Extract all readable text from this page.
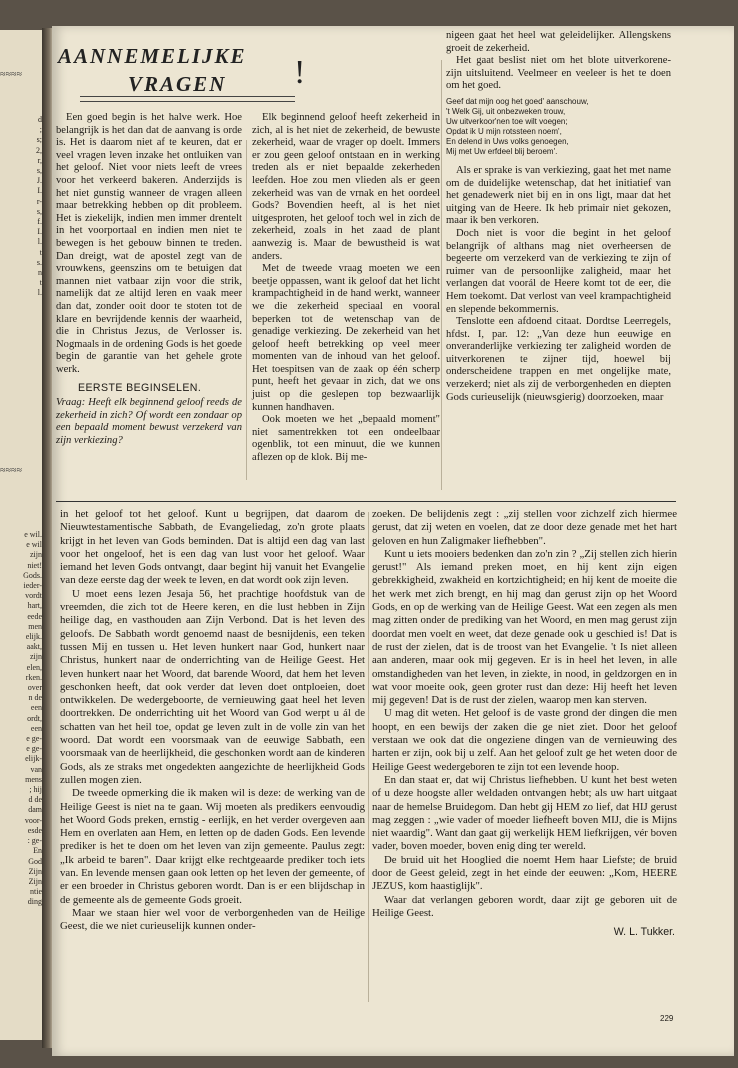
≈≈≈≈
d
;
s;
2,
r,
s,
J.
I.
r-
s,
f.
I.
l.
t
s.
n
t
l.
≈≈≈≈
e wil.
e wil
zijn
niet!
Gods.
ieder-
vordt
hart,
eede
men
elijk.
aakt,
zijn
elen,
rken.
over
n de
een
ordt,
een
e ge-
e ge-
elijk-
van
mens
; hij
d de
dam
voor-
esde
: ge-
En
God
Zijn
Zijn
ntie
ding
AANNEMELIJKE
VRAGEN !

Een goed begin is het halve werk. Hoe belangrijk is het dan dat de aanvang is orde is. Het is daarom niet af te keuren, dat er veel vragen leven inzake het ontluiken van het geloof. Niet voor niets leeft de vrees voor het verkeerd bakeren. Anderzijds is het niet gunstig wanneer de vragen alleen maar betrekking hebben op dit probleem. Het is ziekelijk, indien men immer drentelt in het voorportaal en indien men niet te bewegen is het gebouw binnen te treden. Dan dreigt, wat de apostel zegt van de vrouwkens, geenszins om te betuigen dat mannen niet vatbaar zijn voor die strik, namelijk dat ze altijd leren en vaak meer dan dat, zonder ooit door te stoten tot de klare en bevrijdende kennis der waarheid, die in Christus Jezus, de Verlosser is. Nogmaals in de ordening Gods is het goede begin de garantie van het gehele grote werk.

EERSTE BEGINSELEN.

Vraag: Heeft elk beginnend geloof reeds de zekerheid in zich? Of wordt een zondaar op een bepaald moment bewust verzekerd van zijn verkiezing?

Elk beginnend geloof heeft zekerheid in zich, al is het niet de zekerheid, de bewuste zekerheid, waar de vrager op doelt. Immers er zou geen geloof ontstaan en in werking treden als er niet bepaalde zekerheden leefden. Hoe zou men vlieden als er geen zekerheid was van de vrnak en het oordeel Gods? Bovendien heeft, al is het niet uitgesproten, het geloof toch wel in zich de zekerheid, zoals in het zaad de plant aanwezig is. Maar de bewustheid is wat anders.

Met de tweede vraag moeten we een beetje oppassen, want ik geloof dat het licht krampachtigheid in de hand werkt, wanneer we die zekerheid speciaal en vooral beperken tot de wetenschap van de genadige verkiezing. De zekerheid van het geloof heeft betrekking op veel meer momenten van de inhoud van het geloof. Het toespitsen van de zaak op één scherp punt, heeft het gevaar in zich, dat we ons juist op die geslepen top bezwaarlijk kunnen handhaven.

Ook moeten we het „bepaald moment" niet samentrekken tot een ondeelbaar ogenblik, tot een minuut, die we kunnen aflezen op de klok. Bij me-

nigeen gaat het heel wat geleidelijker. Allengskens groeit de zekerheid.

Het gaat beslist niet om het blote uitverkorene-zijn uitsluitend. Veelmeer en veeleer is het te doen om het goed.

Geef dat mijn oog het goed' aanschouw,
't Welk Gij, uit onbezweken trouw,
Uw uitverkoor'nen toe wilt voegen;
Opdat ik U mijn rotssteen noem',
En delend in Uws volks genoegen,
Mij met Uw erfdeel blij beroem'.

Als er sprake is van verkiezing, gaat het met name om de duidelijke wetenschap, dat het initiatief van het genadewerk niet bij en in ons ligt, maar dat het uitging van de Heere. Ik heb primair niet gekozen, maar ik ben verkoren.

Doch niet is voor die begint in het geloof belangrijk of althans mag niet overheersen de begeerte om verzekerd van de verkiezing te zijn of ruimer van de persoonlijke zaligheid, maar het verlangen dat voorál de Heere komt tot de eer, die Hem toekomt. Dat verlost van veel krampachtigheid en slepende bekommernis.

Tenslotte een afdoend citaat. Dordtse Leerregels, hfdst. I, par. 12: „Van deze hun eeuwige en onveranderlijke verkiezing ter zaligheid worden de uitverkorenen te zijner tijd, hoewel bij onderscheidene trappen en met ongelijke mate, verzekerd; niet als zij de verborgenheden en diepten Gods curieuselijk (nieuwsgierig) doorzoeken, maar

in het geloof tot het geloof. Kunt u begrijpen, dat daarom de Nieuwtestamentische Sabbath, de Evangeliedag, zo'n grote plaats krijgt in het leven van Gods beminden. Dat is altijd een dag van last voor het ongeloof, het is een dag van lust voor het geloof. Waar iemand het leven Gods ontvangt, daar begint hij vanuit het Evangelie van deze eerste dag der week te leven, en dat wordt ook zijn leven.

U moet eens lezen Jesaja 56, het prachtige hoofdstuk van de vreemden, die zich tot de Heere keren, en die lust hebben in Zijn heilige dag, en vasthouden aan Zijn Verbond. Dat is het leven des geloofs. De Sabbath wordt genoemd naast de besnijdenis, een teken tussen Mij en tussen u. Het leven hunkert naar God, hunkert naar Christus, hunkert naar de onderrichting van de Heilige Geest. Het leven hunkert naar het Woord, dat barende Woord, dat hem het leven geschonken heeft, dat ook verder dat leven doet ontploeien, doet ontwikkelen. De wedergeboorte, de vernieuwing gaat heel het leven doortrekken. De onderrichting uit het Woord van God werpt u ál de schatten van het heil toe, opdat ge leven zult in de volle zin van het woord. Dat wordt een voorsmaak van de eeuwige Sabbath, een voorsmaak van de heerlijkheid, die geschonken wordt aan de kinderen Gods, als ze straks met ongedekten aangezichte de heerlijkheid Gods zullen mogen zien.

De tweede opmerking die ik maken wil is deze: de werking van de Heilige Geest is niet na te gaan. Wij moeten als predikers eenvoudig het Woord Gods preken, ernstig - eerlijk, en het verder overgeven aan Hem en overlaten aan Hem, en letten op de daden Gods. Een levende prediker is het te doen om het leven van zijn gemeente. Paulus zegt: „Ik arbeid te baren". Daar krijgt elke rechtgeaarde prediker toch iets van. En levende mensen gaan ook letten op het leven der gemeente, of er een broeder in Christus geboren wordt. Dan is er een blijdschap in de gemeente als de gemeente Gods groeit.

Maar we staan hier wel voor de verborgenheden van de Heilige Geest, die we niet curieuselijk kunnen onder-

zoeken. De belijdenis zegt : „zij stellen voor zichzelf zich hiermee gerust, dat zij weten en voelen, dat ze door deze genade met het hart geloven en hun Zaligmaker liefhebben".

Kunt u iets mooiers bedenken dan zo'n zin ? „Zij stellen zich hierin gerust!" Als iemand preken moet, en hij kent zijn eigen gebrekkigheid, zwakheid en kortzichtigheid; en hij kent de moeite die het werk met zich brengt, en hij mag dan gerust zijn op het Woord Gods, en op de werking van de Heilige Geest. Wat een zegen als men mag zitten onder de prediking van het Woord, en men mag gerust zijn doordat men voelt en weet, dat deze genade ook u geschied is! Dat is de rust der zielen, dat is de troost van het Evangelie. 't Is niet alleen aan anderen, maar ook mij gegeven. Er is in heel het leven, in alle omstandigheden van het leven, in ziekte, in nood, in geldzorgen en in wat voor moeite ook, geen groter rust dan deze: Hij heeft het leven mij gegeven! Dat is de rust der zielen, waarop men kan sterven.

U mag dit weten. Het geloof is de vaste grond der dingen die men hoopt, en een bewijs der zaken die ge niet ziet. Door het geloof verstaan we ook dat die ongeziene dingen van de vernieuwing des harten er zijn, ook bij u zelf. Aan het geloof zult ge het weten door de Heilige Geest wedergeboren te zijn tot een levende hoop.

En dan staat er, dat wij Christus liefhebben. U kunt het best weten of u deze hoogste aller weldaden ontvangen hebt; als uw hart uitgaat naar de hemelse Bruidegom. Dan hebt gij HEM zo lief, dat HIJ gerust mag zeggen : „wie vader of moeder liefheeft boven MIJ, die is Mijns niet waardig". Want dan gaat gij werkelijk HEM liefkrijgen, vér boven vader, boven moeder, boven enig ding ter wereld.

De bruid uit het Hooglied die noemt Hem haar Liefste; de bruid door de Geest geleid, zegt in het einde der eeuwen: „Kom, HEERE JEZUS, kom haastiglijk".

Waar dat verlangen geboren wordt, daar zijt ge geboren uit de Heilige Geest.

W. L. Tukker.
229
